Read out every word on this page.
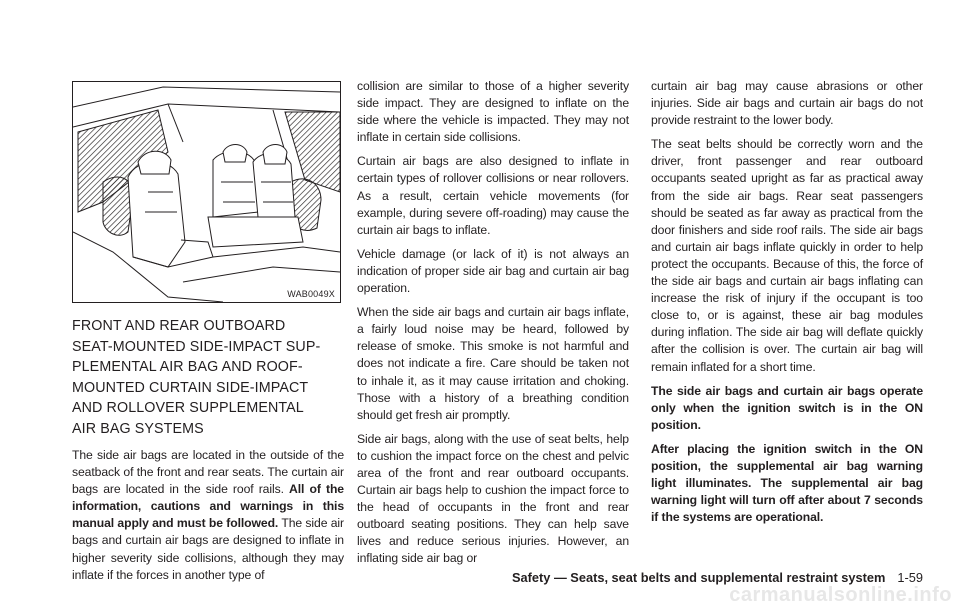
WAB0049X
FRONT AND REAR OUTBOARD
SEAT-MOUNTED SIDE-IMPACT SUP-
PLEMENTAL AIR BAG AND ROOF-
MOUNTED CURTAIN SIDE-IMPACT
AND ROLLOVER SUPPLEMENTAL
AIR BAG SYSTEMS

The side air bags are located in the outside of the seatback of the front and rear seats. The curtain air bags are located in the side roof rails. All of the information, cautions and warnings in this manual apply and must be followed. The side air bags and curtain air bags are designed to inflate in higher severity side collisions, although they may inflate if the forces in another type of

collision are similar to those of a higher severity side impact. They are designed to inflate on the side where the vehicle is impacted. They may not inflate in certain side collisions.

Curtain air bags are also designed to inflate in certain types of rollover collisions or near rollovers. As a result, certain vehicle movements (for example, during severe off-roading) may cause the curtain air bags to inflate.

Vehicle damage (or lack of it) is not always an indication of proper side air bag and curtain air bag operation.

When the side air bags and curtain air bags inflate, a fairly loud noise may be heard, followed by release of smoke. This smoke is not harmful and does not indicate a fire. Care should be taken not to inhale it, as it may cause irritation and choking. Those with a history of a breathing condition should get fresh air promptly.

Side air bags, along with the use of seat belts, help to cushion the impact force on the chest and pelvic area of the front and rear outboard occupants. Curtain air bags help to cushion the impact force to the head of occupants in the front and rear outboard seating positions. They can help save lives and reduce serious injuries. However, an inflating side air bag or

curtain air bag may cause abrasions or other injuries. Side air bags and curtain air bags do not provide restraint to the lower body.

The seat belts should be correctly worn and the driver, front passenger and rear outboard occupants seated upright as far as practical away from the side air bags. Rear seat passengers should be seated as far away as practical from the door finishers and side roof rails. The side air bags and curtain air bags inflate quickly in order to help protect the occupants. Because of this, the force of the side air bags and curtain air bags inflating can increase the risk of injury if the occupant is too close to, or is against, these air bag modules during inflation. The side air bag will deflate quickly after the collision is over. The curtain air bag will remain inflated for a short time.

The side air bags and curtain air bags operate only when the ignition switch is in the ON position.

After placing the ignition switch in the ON position, the supplemental air bag warning light illuminates. The supplemental air bag warning light will turn off after about 7 seconds if the systems are operational.

Safety — Seats, seat belts and supplemental restraint system 1-59
carmanualsonline.info
